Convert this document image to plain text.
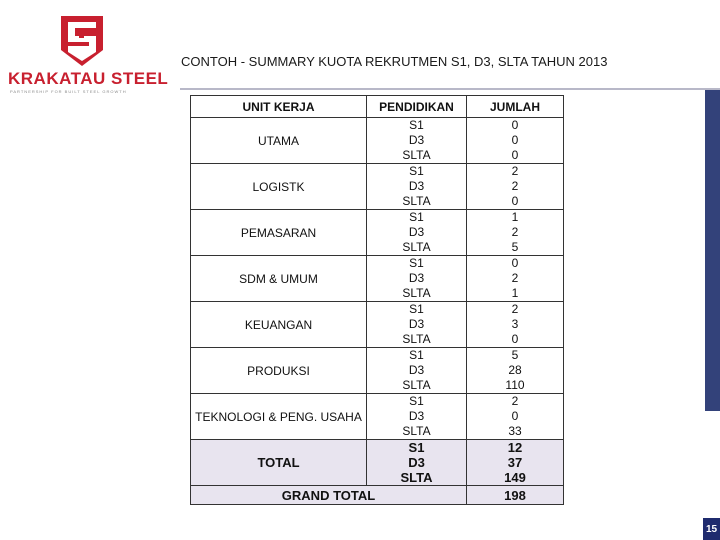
KRAKATAU STEEL
PARTNERSHIP FOR BUILT STEEL GROWTH
CONTOH - SUMMARY KUOTA REKRUTMEN S1, D3, SLTA TAHUN 2013
UNIT KERJA	PENDIDIKAN	JUMLAH
UTAMA	S1	0
	D3	0
	SLTA	0
LOGISTK	S1	2
	D3	2
	SLTA	0
PEMASARAN	S1	1
	D3	2
	SLTA	5
SDM & UMUM	S1	0
	D3	2
	SLTA	1
KEUANGAN	S1	2
	D3	3
	SLTA	0
PRODUKSI	S1	5
	D3	28
	SLTA	110
TEKNOLOGI & PENG. USAHA	S1	2
	D3	0
	SLTA	33
TOTAL	S1	12
	D3	37
	SLTA	149
GRAND TOTAL		198
15
